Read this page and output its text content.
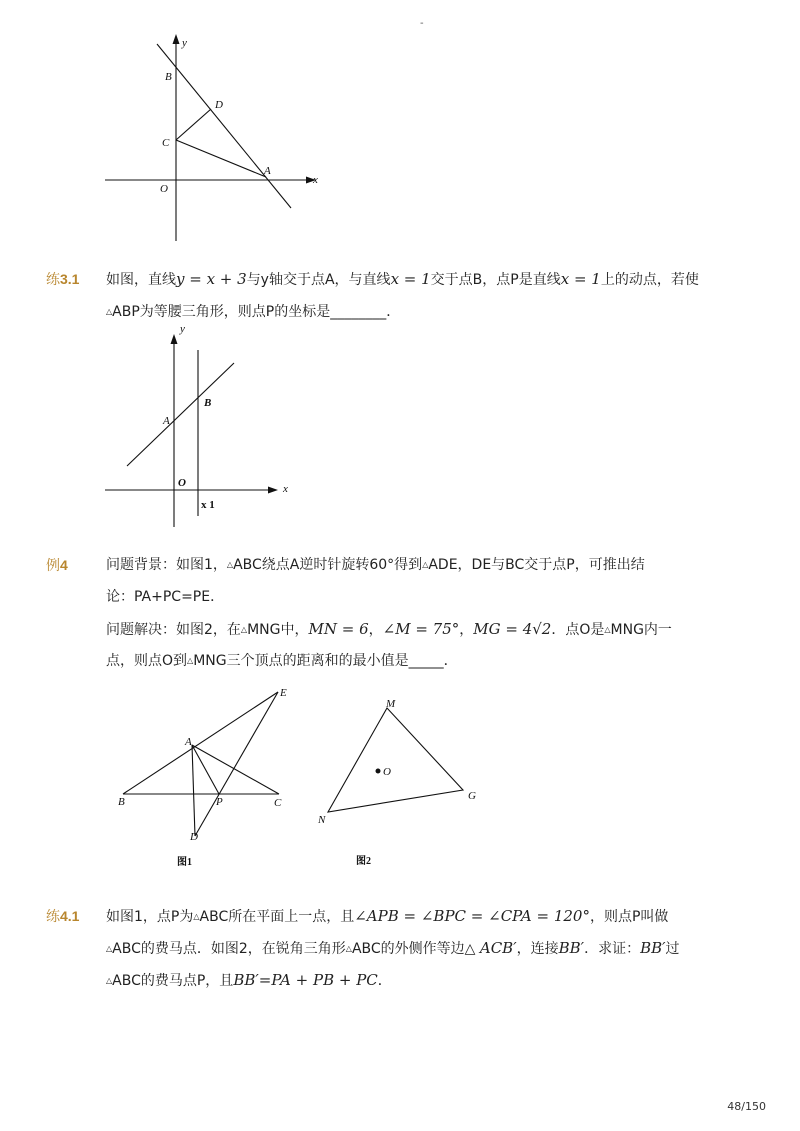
-
y
x
O
B
C
D
A
练3.1 如图，直线y = x + 3与y轴交于点A，与直线x = 1交于点B，点P是直线x = 1上的动点，若使
△ABP为等腰三角形，则点P的坐标是________．
y
x
A
B
O
x 1
例4	问题背景：如图1，△ABC绕点A逆时针旋转60°得到△ADE，DE与BC交于点P，可推出结
论：PA+PC=PE．
问题解决：如图2，在△MNG中，MN = 6，∠M = 75°，MG = 4√2．点O是△MNG内一
点，则点O到△MNG三个顶点的距离和的最小值是_____．
E
A
B	P	C
D
图1
M
O
N
G
图2
练4.1 如图1，点P为△ABC所在平面上一点，且∠APB = ∠BPC = ∠CPA = 120°，则点P叫做
△ABC的费马点．如图2，在锐角三角形△ABC的外侧作等边△ ACB′，连接BB′．求证：BB′过
△ABC的费马点P，且BB′=PA + PB + PC．
48/150
